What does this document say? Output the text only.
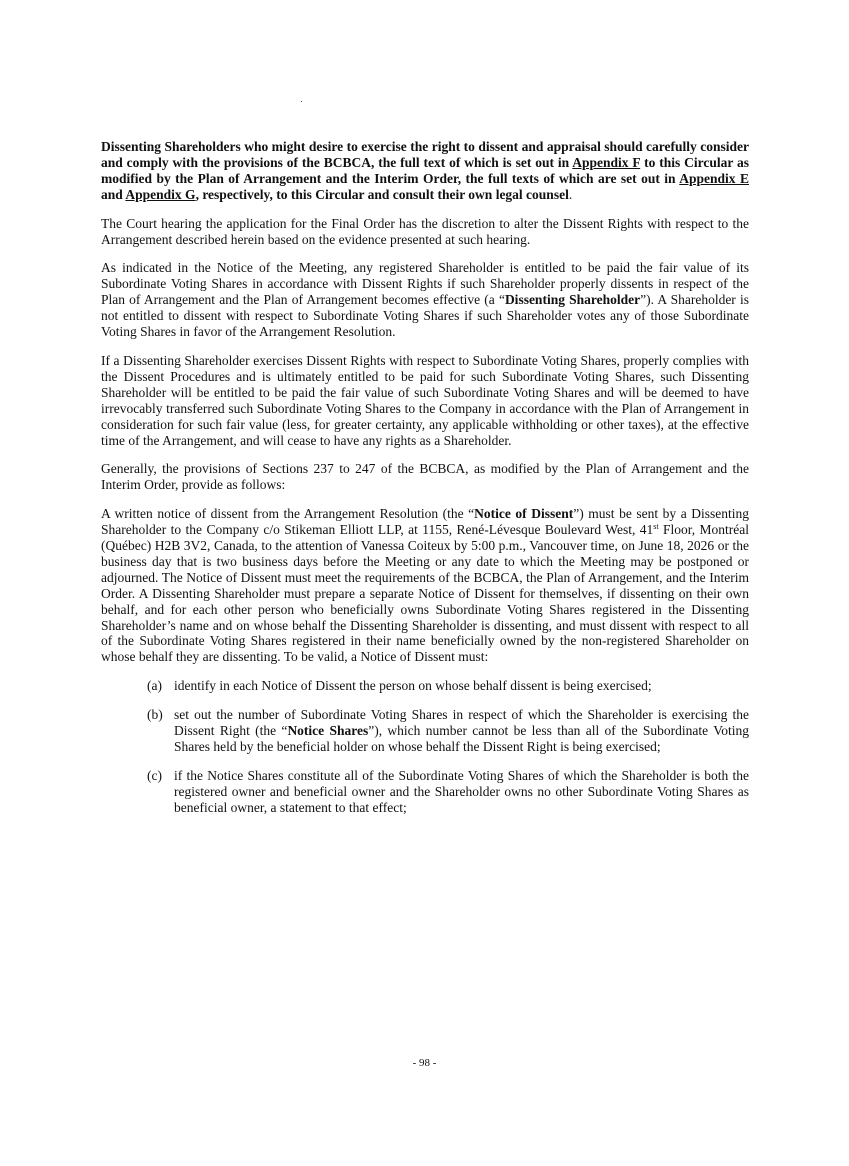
Dissenting Shareholders who might desire to exercise the right to dissent and appraisal should carefully consider and comply with the provisions of the BCBCA, the full text of which is set out in Appendix F to this Circular as modified by the Plan of Arrangement and the Interim Order, the full texts of which are set out in Appendix E and Appendix G, respectively, to this Circular and consult their own legal counsel.

The Court hearing the application for the Final Order has the discretion to alter the Dissent Rights with respect to the Arrangement described herein based on the evidence presented at such hearing.

As indicated in the Notice of the Meeting, any registered Shareholder is entitled to be paid the fair value of its Subordinate Voting Shares in accordance with Dissent Rights if such Shareholder properly dissents in respect of the Plan of Arrangement and the Plan of Arrangement becomes effective (a “Dissenting Shareholder”). A Shareholder is not entitled to dissent with respect to Subordinate Voting Shares if such Shareholder votes any of those Subordinate Voting Shares in favor of the Arrangement Resolution.

If a Dissenting Shareholder exercises Dissent Rights with respect to Subordinate Voting Shares, properly complies with the Dissent Procedures and is ultimately entitled to be paid for such Subordinate Voting Shares, such Dissenting Shareholder will be entitled to be paid the fair value of such Subordinate Voting Shares and will be deemed to have irrevocably transferred such Subordinate Voting Shares to the Company in accordance with the Plan of Arrangement in consideration for such fair value (less, for greater certainty, any applicable withholding or other taxes), at the effective time of the Arrangement, and will cease to have any rights as a Shareholder.

Generally, the provisions of Sections 237 to 247 of the BCBCA, as modified by the Plan of Arrangement and the Interim Order, provide as follows:

A written notice of dissent from the Arrangement Resolution (the “Notice of Dissent”) must be sent by a Dissenting Shareholder to the Company c/o Stikeman Elliott LLP, at 1155, René-Lévesque Boulevard West, 41st Floor, Montréal (Québec) H2B 3V2, Canada, to the attention of Vanessa Coiteux by 5:00 p.m., Vancouver time, on June 18, 2026 or the business day that is two business days before the Meeting or any date to which the Meeting may be postponed or adjourned. The Notice of Dissent must meet the requirements of the BCBCA, the Plan of Arrangement, and the Interim Order. A Dissenting Shareholder must prepare a separate Notice of Dissent for themselves, if dissenting on their own behalf, and for each other person who beneficially owns Subordinate Voting Shares registered in the Dissenting Shareholder’s name and on whose behalf the Dissenting Shareholder is dissenting, and must dissent with respect to all of the Subordinate Voting Shares registered in their name beneficially owned by the non-registered Shareholder on whose behalf they are dissenting. To be valid, a Notice of Dissent must:

(a) identify in each Notice of Dissent the person on whose behalf dissent is being exercised;

(b) set out the number of Subordinate Voting Shares in respect of which the Shareholder is exercising the Dissent Right (the “Notice Shares”), which number cannot be less than all of the Subordinate Voting Shares held by the beneficial holder on whose behalf the Dissent Right is being exercised;

(c) if the Notice Shares constitute all of the Subordinate Voting Shares of which the Shareholder is both the registered owner and beneficial owner and the Shareholder owns no other Subordinate Voting Shares as beneficial owner, a statement to that effect;

- 98 -
